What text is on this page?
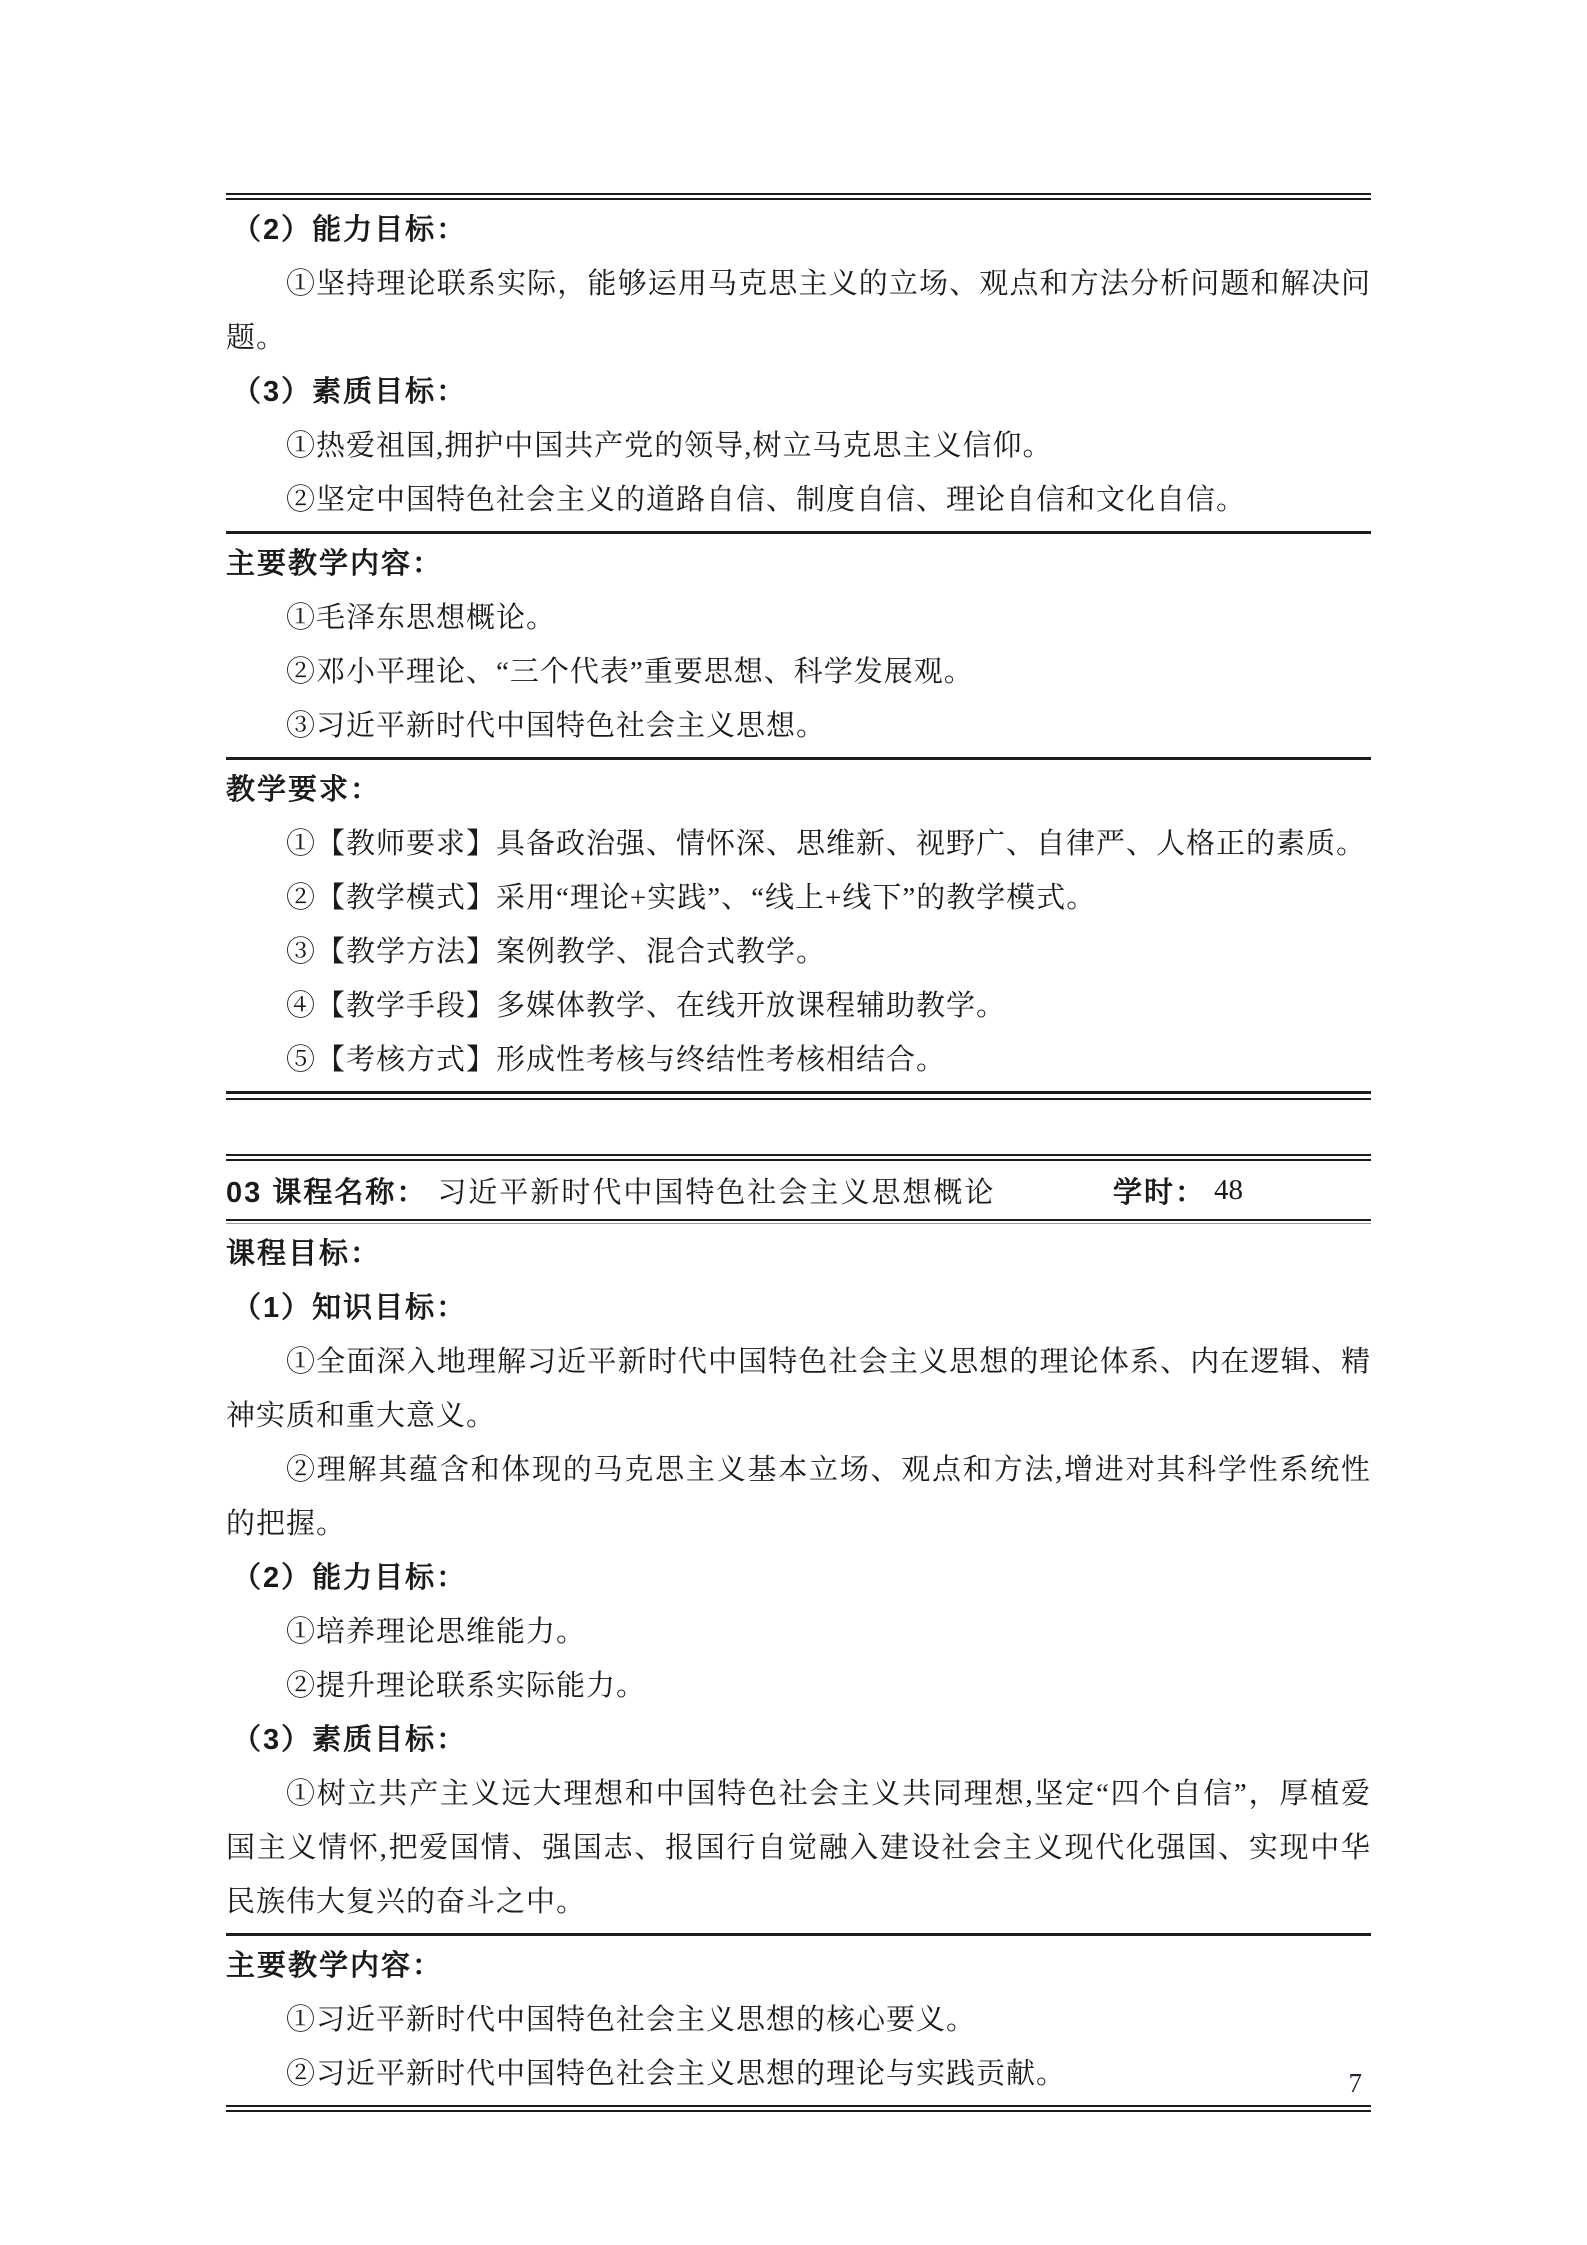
（2）能力目标：

①坚持理论联系实际，能够运用马克思主义的立场、观点和方法分析问题和解决问题。

（3）素质目标：

①热爱祖国,拥护中国共产党的领导,树立马克思主义信仰。

②坚定中国特色社会主义的道路自信、制度自信、理论自信和文化自信。

主要教学内容：

①毛泽东思想概论。

②邓小平理论、“三个代表”重要思想、科学发展观。

③习近平新时代中国特色社会主义思想。

教学要求：

①【教师要求】具备政治强、情怀深、思维新、视野广、自律严、人格正的素质。

②【教学模式】采用“理论+实践”、“线上+线下”的教学模式。

③【教学方法】案例教学、混合式教学。

④【教学手段】多媒体教学、在线开放课程辅助教学。

⑤【考核方式】形成性考核与终结性考核相结合。

03 课程名称： 习近平新时代中国特色社会主义思想概论	学时： 48

课程目标：

（1）知识目标：

①全面深入地理解习近平新时代中国特色社会主义思想的理论体系、内在逻辑、精神实质和重大意义。

②理解其蕴含和体现的马克思主义基本立场、观点和方法,增进对其科学性系统性的把握。

（2）能力目标：

①培养理论思维能力。

②提升理论联系实际能力。

（3）素质目标：

①树立共产主义远大理想和中国特色社会主义共同理想,坚定“四个自信”，厚植爱国主义情怀,把爱国情、强国志、报国行自觉融入建设社会主义现代化强国、实现中华民族伟大复兴的奋斗之中。

主要教学内容：

①习近平新时代中国特色社会主义思想的核心要义。

②习近平新时代中国特色社会主义思想的理论与实践贡献。	7
